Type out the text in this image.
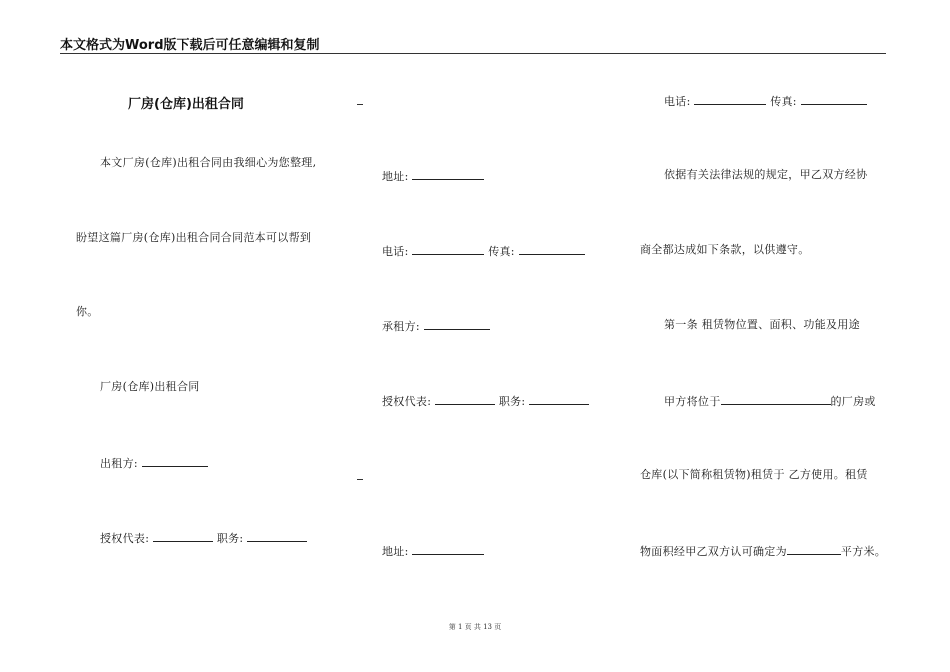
本文格式为Word版下载后可任意编辑和复制
厂房(仓库)出租合同
本文厂房(仓库)出租合同由我细心为您整理,
盼望这篇厂房(仓库)出租合同合同范本可以帮到
你。
厂房(仓库)出租合同
出租方:
授权代表:	职务:
地址:
电话:	传真:
承租方:
授权代表:	职务:
地址:
电话:	传真:
依据有关法律法规的规定，甲乙双方经协
商全都达成如下条款，以供遵守。
第一条 租赁物位置、面积、功能及用途
甲方将位于	的厂房或
仓库(以下简称租赁物)租赁于 乙方使用。租赁
物面积经甲乙双方认可确定为	平方米。
第 1 页 共 13 页
